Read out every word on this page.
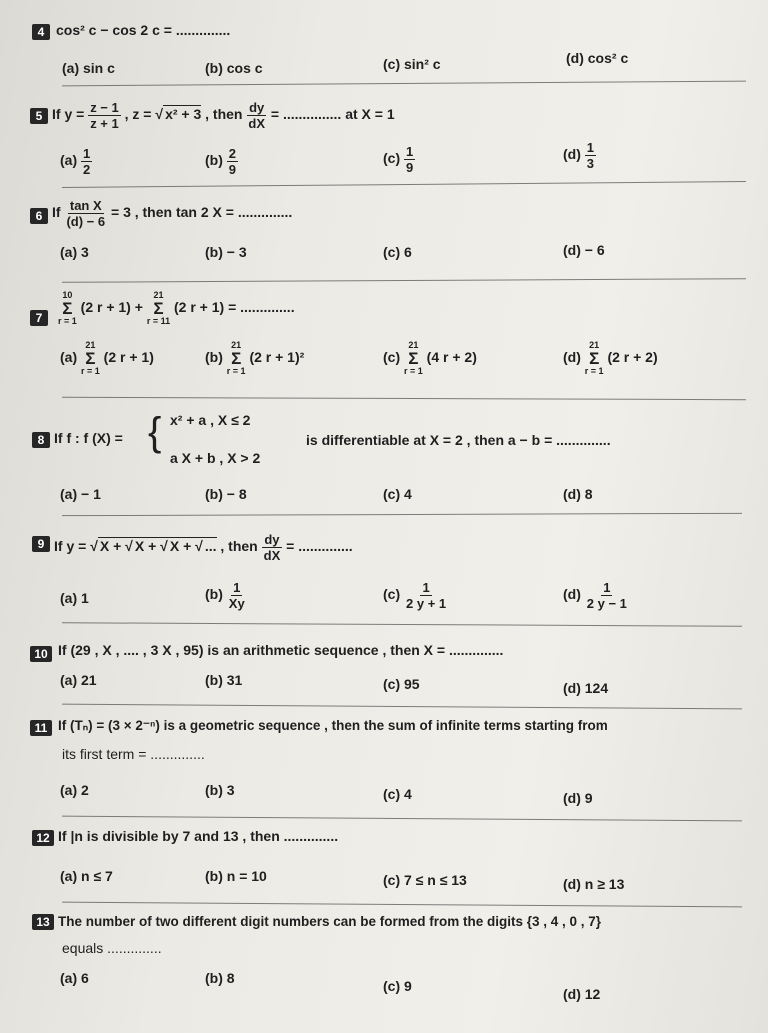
4 cos² c − cos 2 c = ..............
(a) sin c	(b) cos c	(c) sin² c	(d) cos² c
5 If $y = \frac{z - 1}{z + 1}$ , z = √ x² + 3 , then $\frac{dy}{dX}$ = ............... at X = 1
$(a) \frac{1}{2}$	$(b) \frac{2}{9}$	$(c) \frac{1}{9}$	$(d) \frac{1}{3}$
6 If $\frac{\text{tan X}}{(d) - 6} = 3$ , then tan 2 X = ..............
(a) 3	(b) − 3	(c) 6	(d) − 6
7
10
Σ
r = 1
(2 r + 1) +
21
Σ
r = 11
(2 r + 1) = ..............
(a)
21
Σ
r = 1
(2 r + 1)	(b)
21
Σ
r = 1
(2 r + 1)²	(c)
21
Σ
r = 1
(4 r + 2)	(d)
21
Σ
r = 1
(2 r + 2)
8 If f : f (X) = { x² + a , X ≤ 2
a X + b , X > 2
is differentiable at X = 2 , then a − b = ..............
(a) − 1	(b) − 8	(c) 4	(d) 8
9 If y = √ X + √ X + √ X + √ ... , then $\frac{dy}{dX}$ = ..............
(a) 1	$(b) \frac{1}{Xy}$	$(c) \frac{1}{2 y + 1}$	$(d) \frac{1}{2 y - 1}$
10 If (29 , X , .... , 3 X , 95) is an arithmetic sequence , then X = ..............
(a) 21	(b) 31	(c) 95	(d) 124
11 If (Tₙ) = (3 × 2⁻ⁿ) is a geometric sequence , then the sum of infinite terms starting from
its first term = ..............
(a) 2	(b) 3	(c) 4	(d) 9
12 If |n is divisible by 7 and 13 , then ..............
(a) n ≤ 7	(b) n = 10	(c) 7 ≤ n ≤ 13	(d) n ≥ 13
13 The number of two different digit numbers can be formed from the digits {3 , 4 , 0 , 7}
equals ..............
(a) 6	(b) 8	(c) 9	(d) 12
